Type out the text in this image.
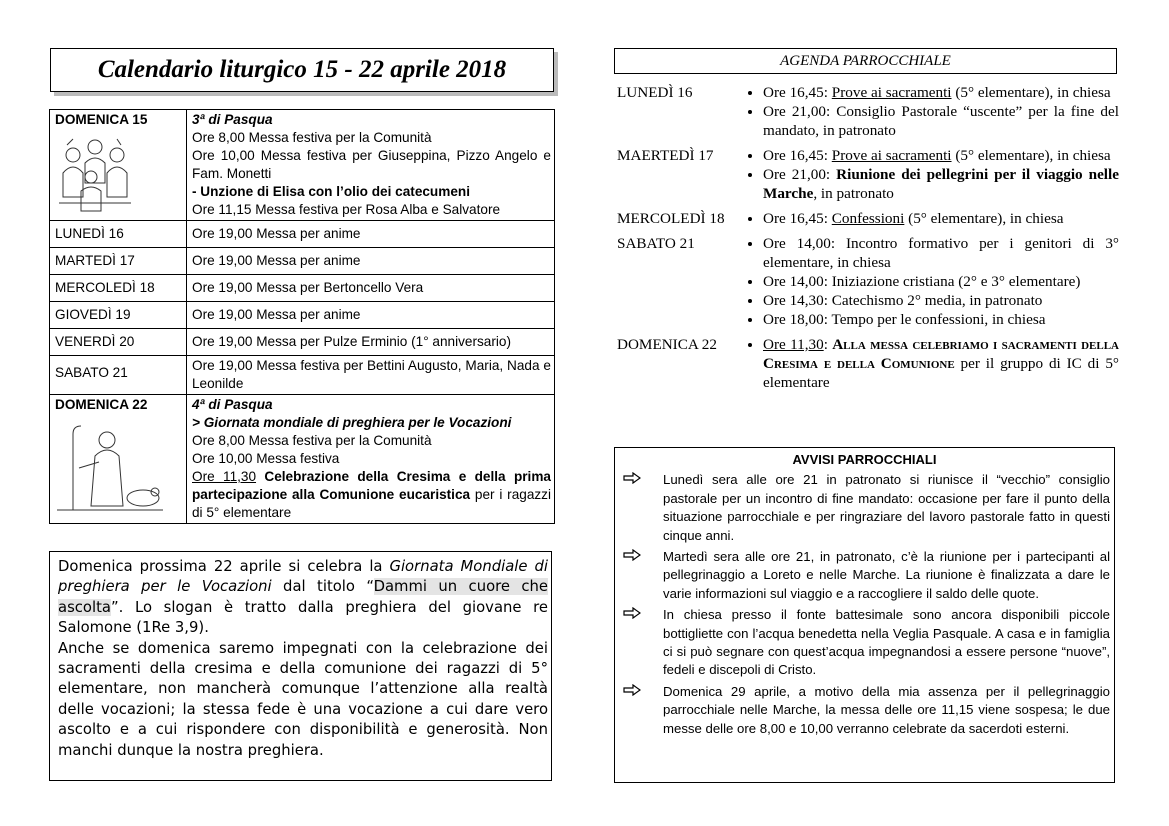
Calendario liturgico 15 - 22 aprile 2018
DOMENICA 15	3ª di Pasqua
Ore 8,00 Messa festiva per la Comunità
Ore 10,00 Messa festiva per Giuseppina, Pizzo Angelo e Fam. Monetti
- Unzione di Elisa con l’olio dei catecumeni
Ore 11,15 Messa festiva per Rosa Alba e Salvatore

LUNEDÌ 16	Ore 19,00 Messa per anime
MARTEDÌ 17	Ore 19,00 Messa per anime
MERCOLEDÌ 18	Ore 19,00 Messa per Bertoncello Vera
GIOVEDÌ 19	Ore 19,00 Messa per anime
VENERDÌ 20	Ore 19,00 Messa per Pulze Erminio (1° anniversario)
SABATO 21	Ore 19,00 Messa festiva per Bettini Augusto, Maria, Nada e Leonilde
DOMENICA 22	4ª di Pasqua
> Giornata mondiale di preghiera per le Vocazioni
Ore 8,00 Messa festiva per la Comunità
Ore 10,00 Messa festiva
Ore 11,30 Celebrazione della Cresima e della prima partecipazione alla Comunione eucaristica per i ragazzi di 5° elementare

Domenica prossima 22 aprile si celebra la Giornata Mondiale di preghiera per le Vocazioni dal titolo “Dammi un cuore che ascolta”. Lo slogan è tratto dalla preghiera del giovane re Salomone (1Re 3,9).

Anche se domenica saremo impegnati con la celebrazione dei sacramenti della cresima e della comunione dei ragazzi di 5° elementare, non mancherà comunque l’attenzione alla realtà delle vocazioni; la stessa fede è una vocazione a cui dare vero ascolto e a cui rispondere con disponibilità e generosità. Non manchi dunque la nostra preghiera.

AGENDA PARROCCHIALE
LUNEDÌ 16	• Ore 16,45: Prove ai sacramenti (5° elementare), in chiesa
• Ore 21,00: Consiglio Pastorale “uscente” per la fine del mandato, in patronato
MAERTEDÌ 17	• Ore 16,45: Prove ai sacramenti (5° elementare), in chiesa
• Ore 21,00: Riunione dei pellegrini per il viaggio nelle Marche, in patronato
MERCOLEDÌ 18	• Ore 16,45: Confessioni (5° elementare), in chiesa
SABATO 21	• Ore 14,00: Incontro formativo per i genitori di 3° elementare, in chiesa
• Ore 14,00: Iniziazione cristiana (2° e 3° elementare)
• Ore 14,30: Catechismo 2° media, in patronato
• Ore 18,00: Tempo per le confessioni, in chiesa
DOMENICA 22	• Ore 11,30: Alla messa celebriamo i sacramenti della Cresima e della Comunione per il gruppo di IC di 5° elementare
AVVISI PARROCCHIALI
Lunedì sera alle ore 21 in patronato si riunisce il “vecchio” consiglio pastorale per un incontro di fine mandato: occasione per fare il punto della situazione parrocchiale e per ringraziare del lavoro pastorale fatto in questi cinque anni.
Martedì sera alle ore 21, in patronato, c’è la riunione per i partecipanti al pellegrinaggio a Loreto e nelle Marche. La riunione è finalizzata a dare le varie informazioni sul viaggio e a raccogliere il saldo delle quote.
In chiesa presso il fonte battesimale sono ancora disponibili piccole bottigliette con l’acqua benedetta nella Veglia Pasquale. A casa e in famiglia ci si può segnare con quest’acqua impegnandosi a essere persone “nuove”, fedeli e discepoli di Cristo.
Domenica 29 aprile, a motivo della mia assenza per il pellegrinaggio parrocchiale nelle Marche, la messa delle ore 11,15 viene sospesa; le due messe delle ore 8,00 e 10,00 verranno celebrate da sacerdoti esterni.
